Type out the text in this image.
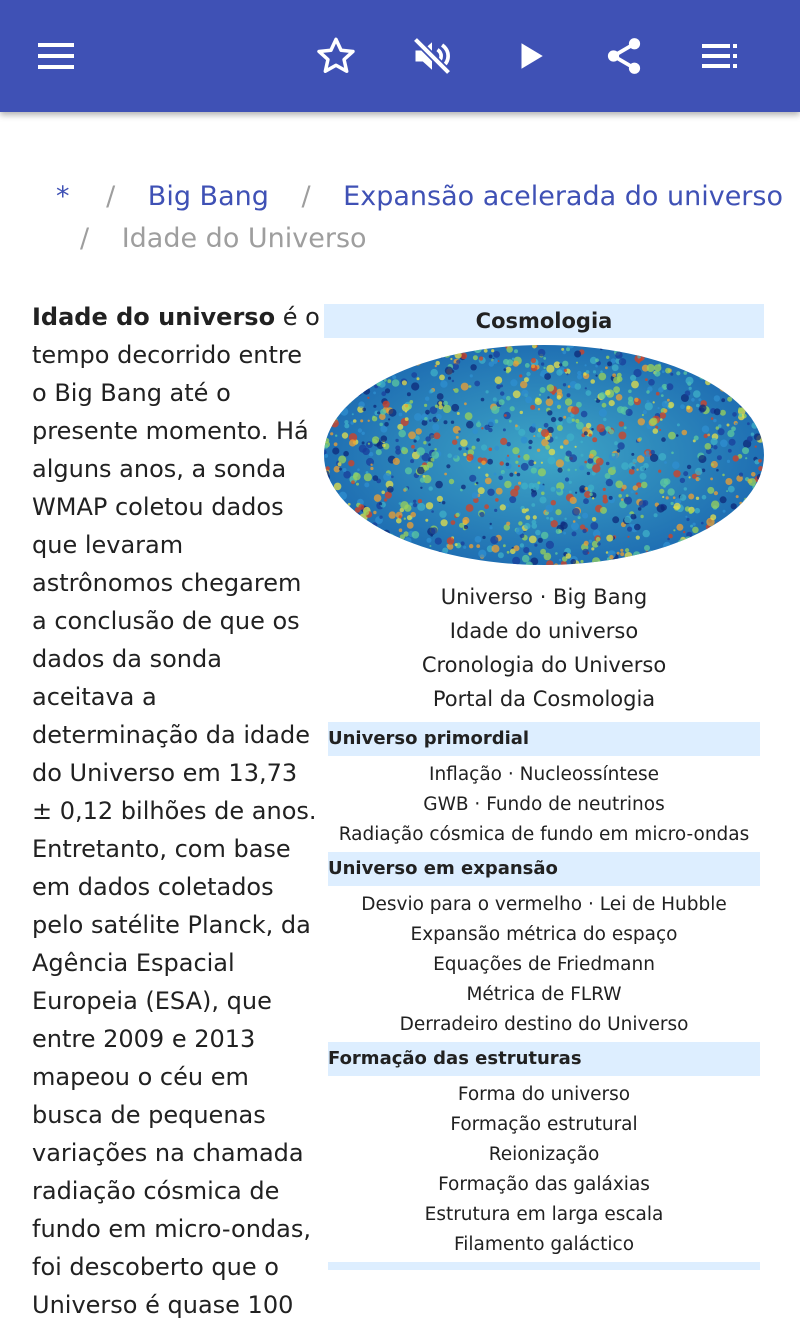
* / Big Bang / Expansão acelerada do universo
/ Idade do Universo
Idade do universo é o tempo decorrido entre o Big Bang até o presente momento. Há alguns anos, a sonda WMAP coletou dados que levaram astrônomos chegarem a conclusão de que os dados da sonda aceitava a determinação da idade do Universo em 13,73 ± 0,12 bilhões de anos. Entretanto, com base em dados coletados pelo satélite Planck, da Agência Espacial Europeia (ESA), que entre 2009 e 2013 mapeou o céu em busca de pequenas variações na chamada radiação cósmica de fundo em micro-ondas, foi descoberto que o Universo é quase 100
Cosmologia
Universo · Big Bang
Idade do universo
Cronologia do Universo
Portal da Cosmologia
Universo primordial
Inflação · Nucleossíntese
GWB · Fundo de neutrinos
Radiação cósmica de fundo em micro-ondas
Universo em expansão
Desvio para o vermelho · Lei de Hubble
Expansão métrica do espaço
Equações de Friedmann
Métrica de FLRW
Derradeiro destino do Universo
Formação das estruturas
Forma do universo
Formação estrutural
Reionização
Formação das galáxias
Estrutura em larga escala
Filamento galáctico
